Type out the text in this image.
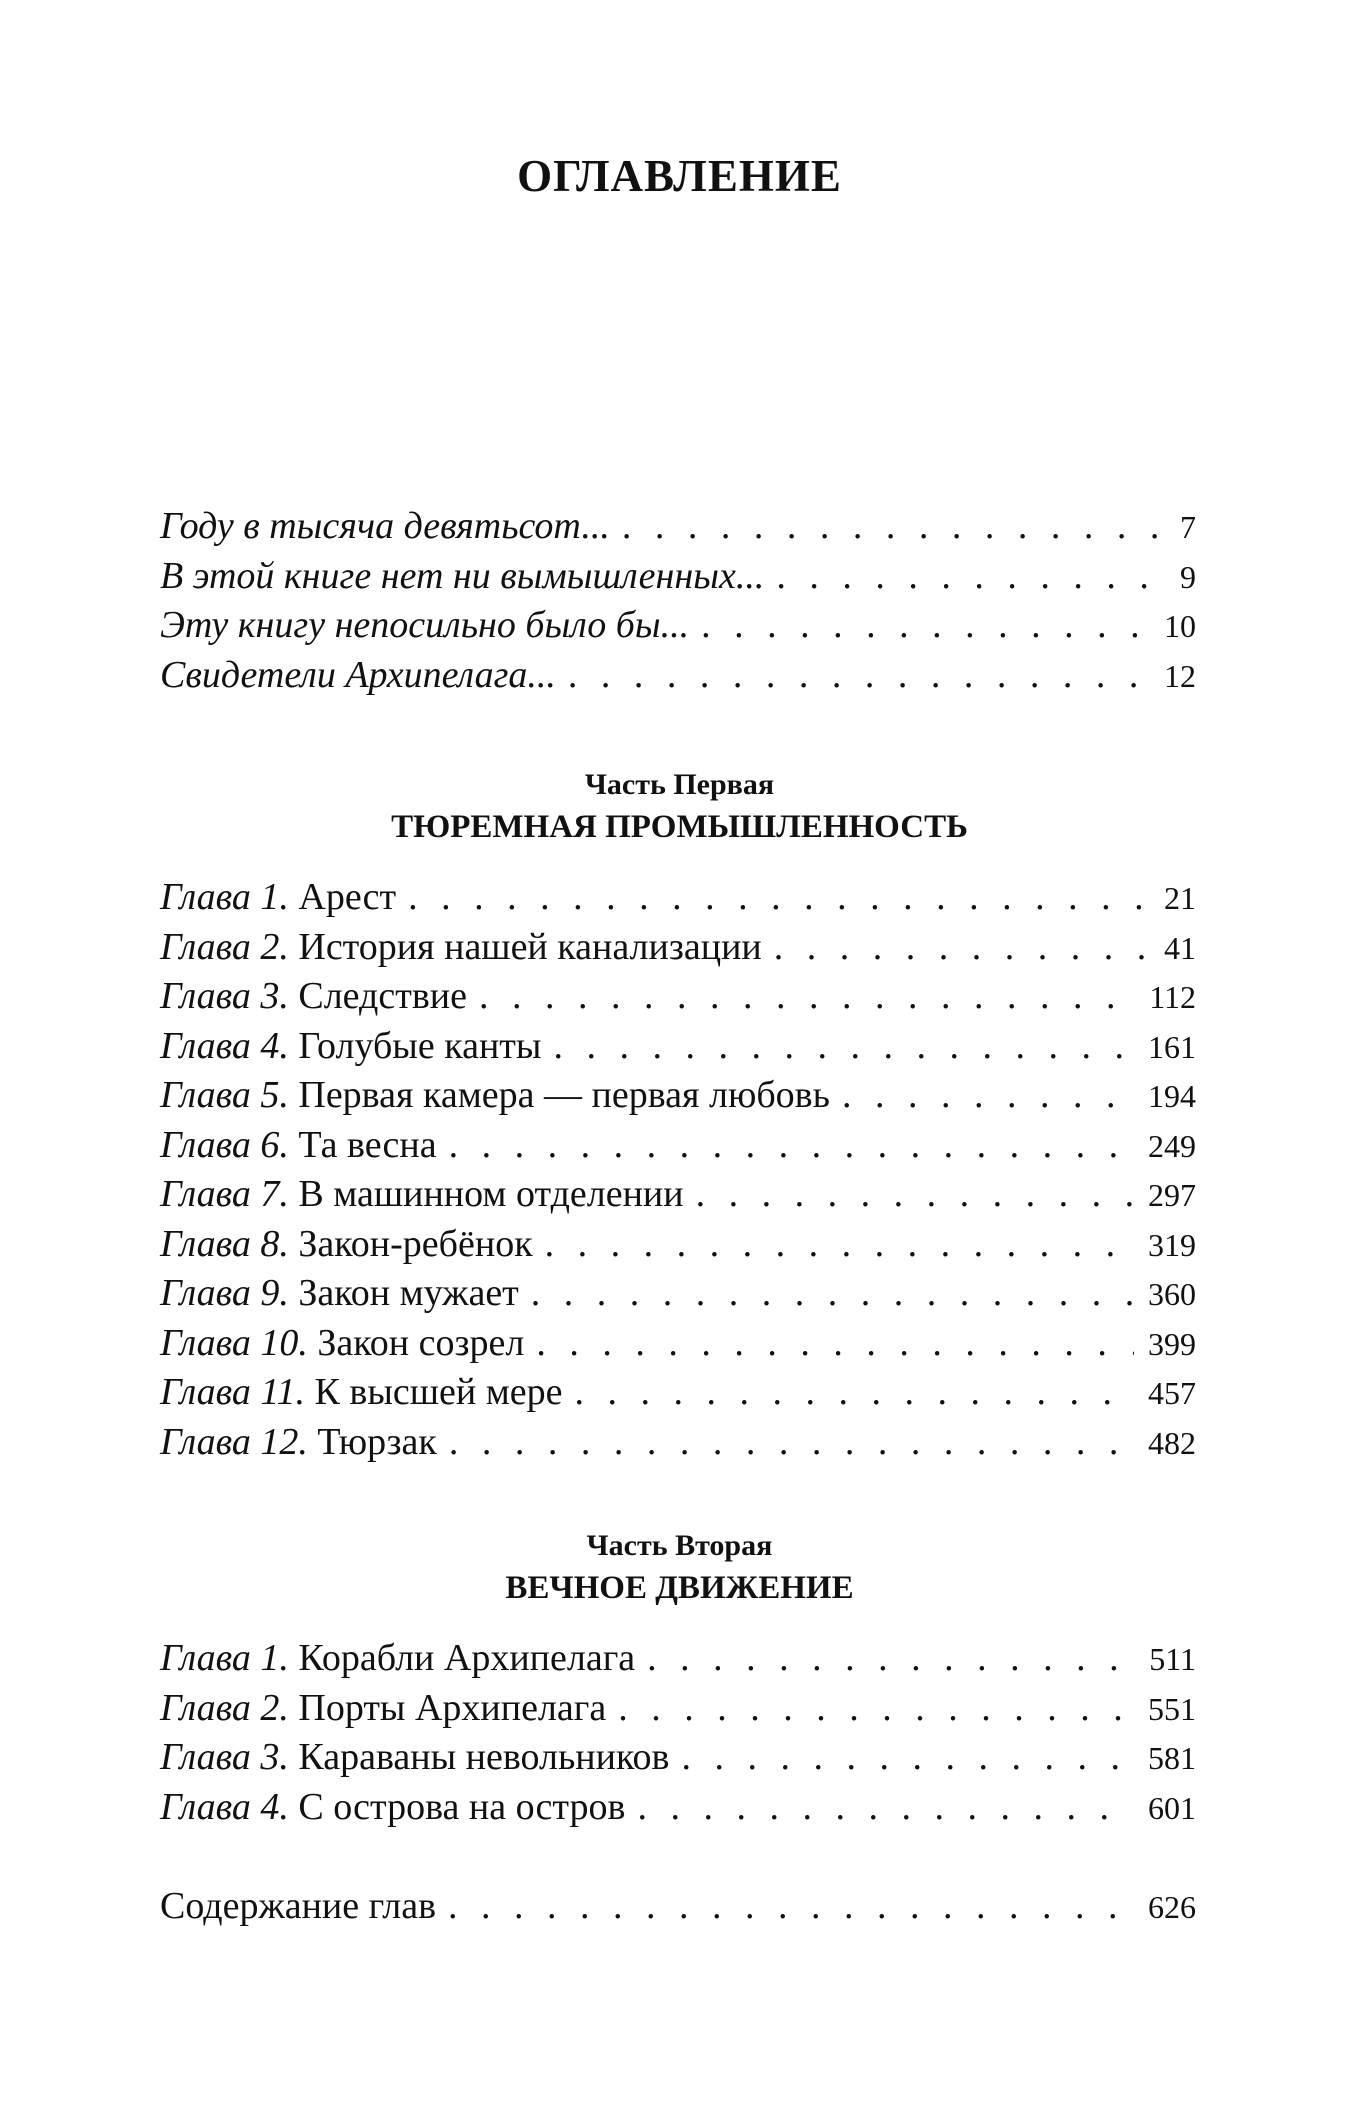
ОГЛАВЛЕНИЕ
Году в тысяча девятьсот... . . .	7
В этой книге нет ни вымышленных... . . .	9
Эту книгу непосильно было бы... . . .	10
Свидетели Архипелага... . . .	12
Часть Первая
ТЮРЕМНАЯ ПРОМЫШЛЕННОСТЬ
Глава 1. Арест . . .	21
Глава 2. История нашей канализации . . .	41
Глава 3. Следствие . . .	112
Глава 4. Голубые канты . . .	161
Глава 5. Первая камера — первая любовь . . .	194
Глава 6. Та весна . . .	249
Глава 7. В машинном отделении . . .	297
Глава 8. Закон-ребёнок . . .	319
Глава 9. Закон мужает . . .	360
Глава 10. Закон созрел . . .	399
Глава 11. К высшей мере . . .	457
Глава 12. Тюрзак . . .	482
Часть Вторая
ВЕЧНОЕ ДВИЖЕНИЕ
Глава 1. Корабли Архипелага . . .	511
Глава 2. Порты Архипелага . . .	551
Глава 3. Караваны невольников . . .	581
Глава 4. С острова на остров . . .	601
Содержание глав . . .	626
